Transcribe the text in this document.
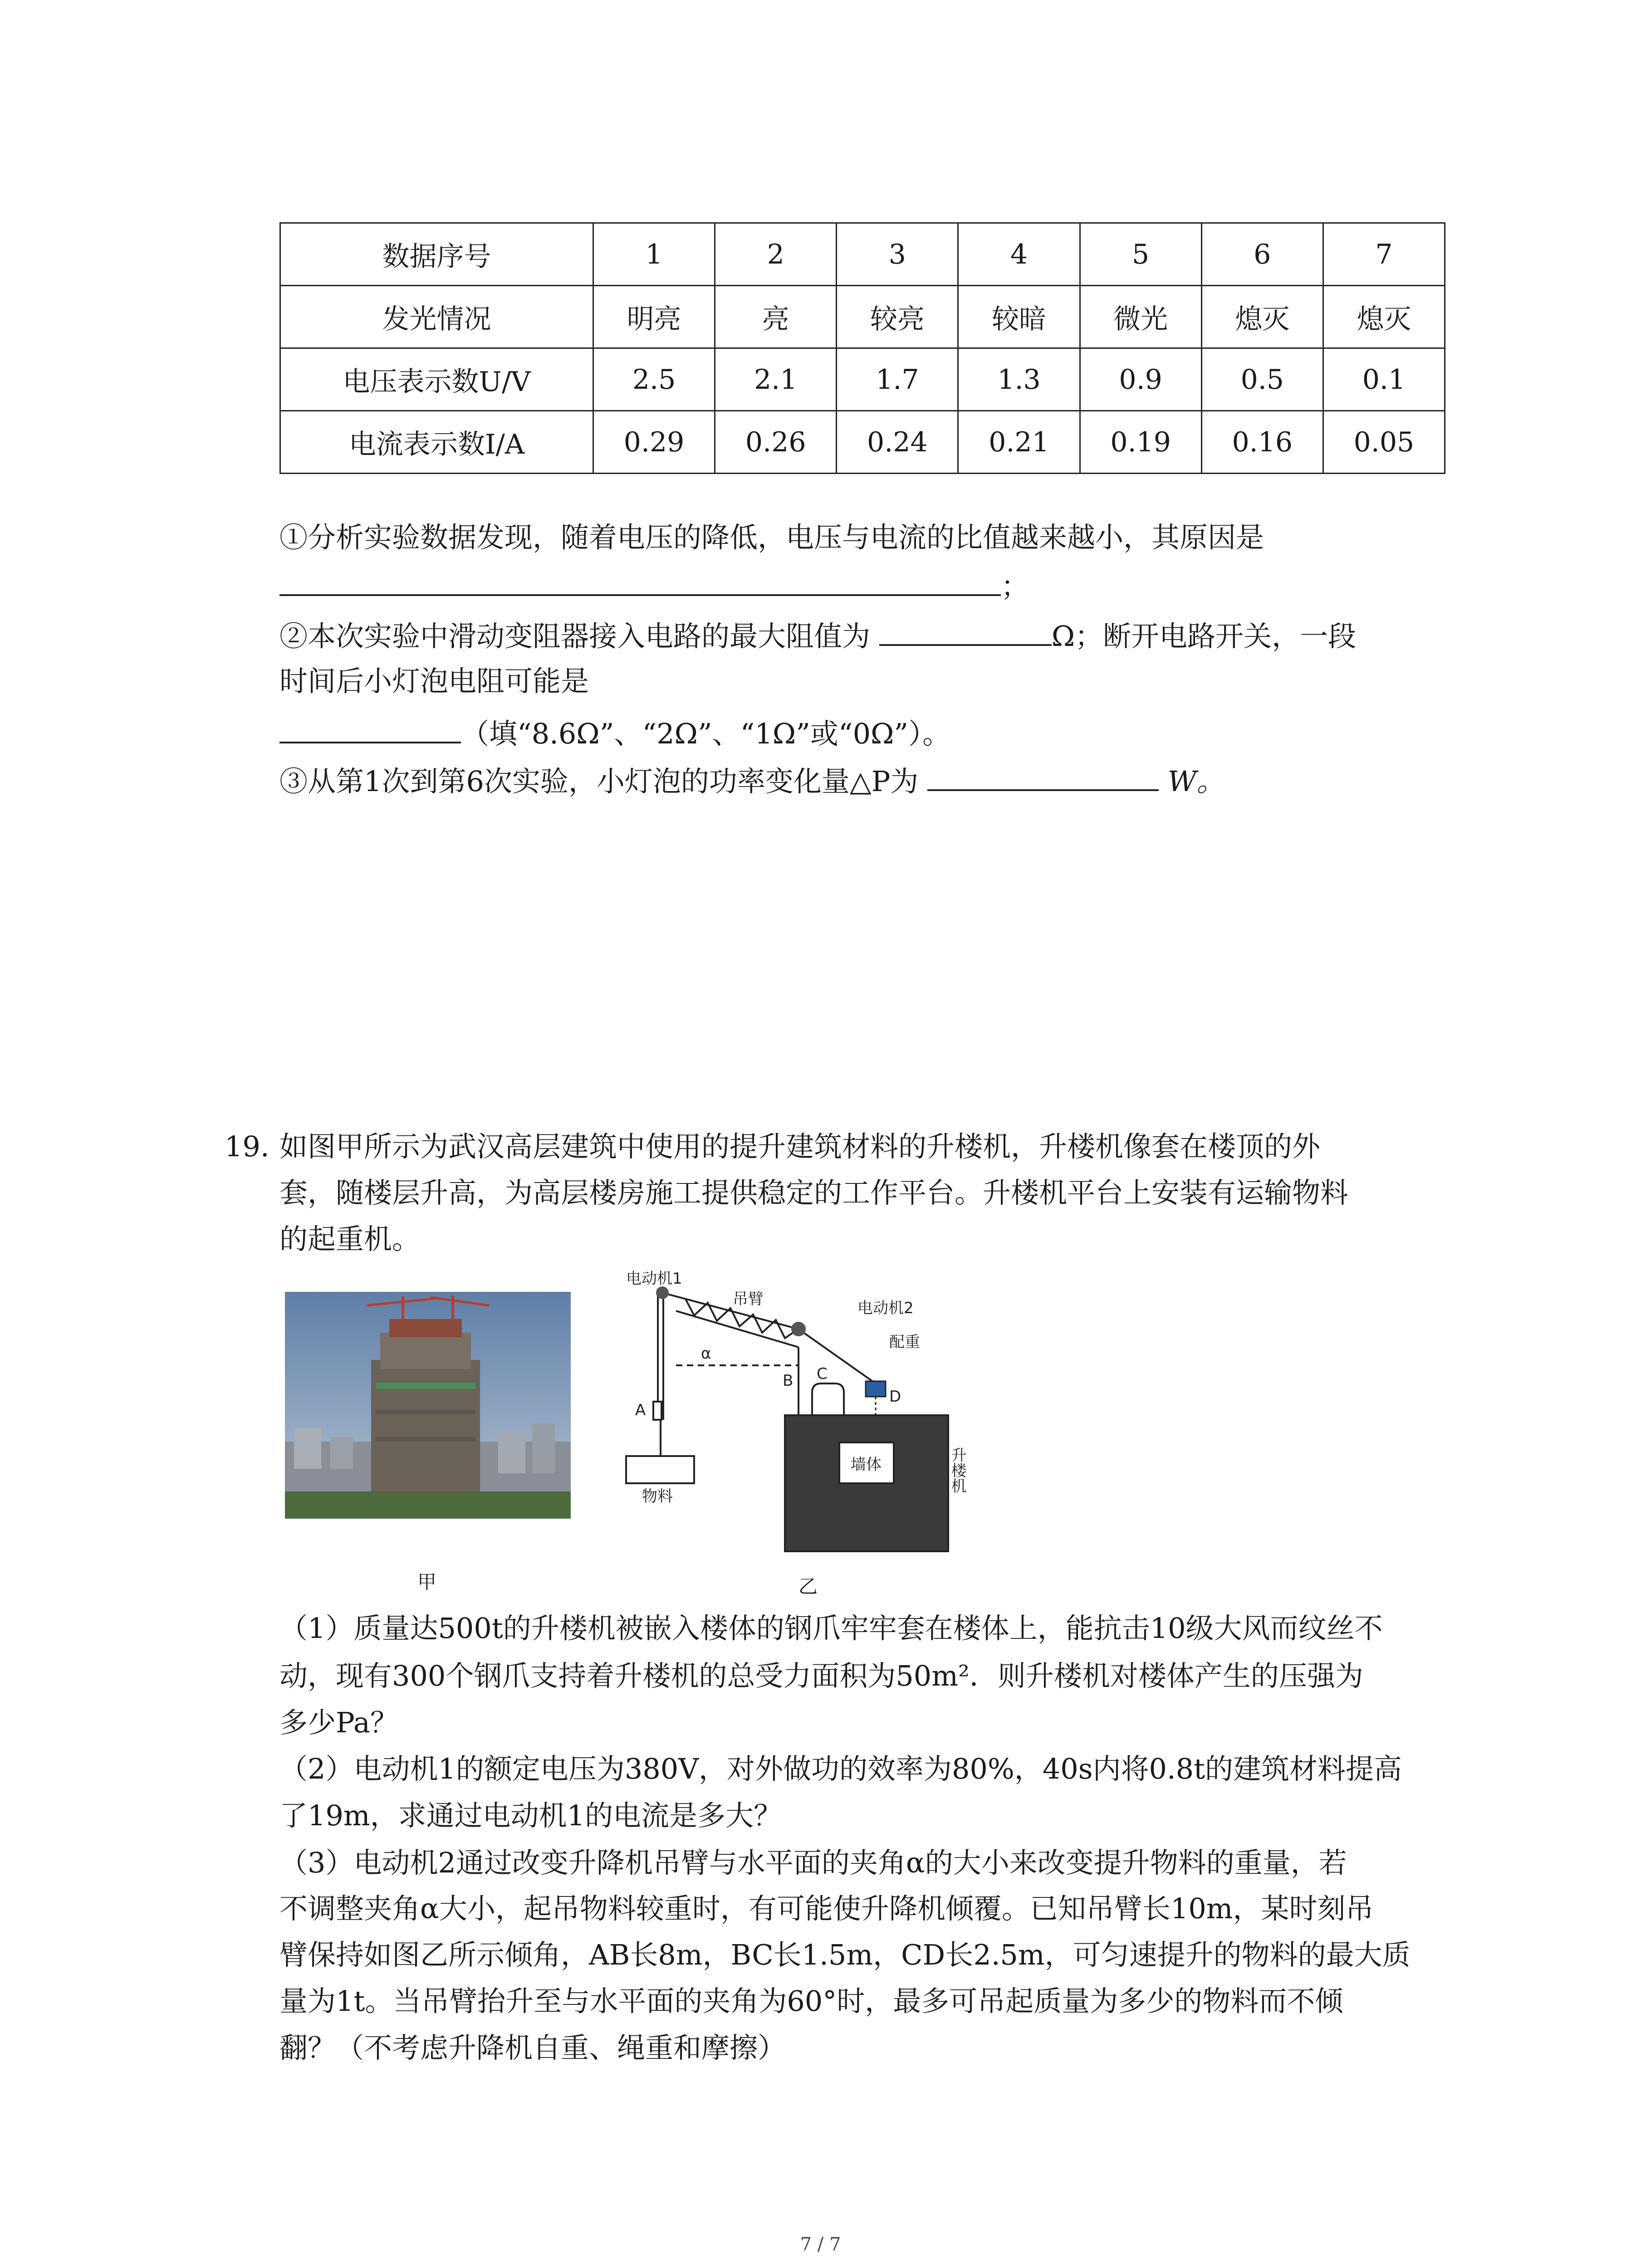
数据序号	1	2	3	4	5	6	7
发光情况	明亮	亮	较亮	较暗	微光	熄灭	熄灭
电压表示数U/V	2.5	2.1	1.7	1.3	0.9	0.5	0.1
电流表示数I/A	0.29	0.26	0.24	0.21	0.19	0.16	0.05
①分析实验数据发现，随着电压的降低，电压与电流的比值越来越小，其原因是
；
②本次实验中滑动变阻器接入电路的最大阻值为	Ω；断开电路开关，一段
时间后小灯泡电阻可能是
（填“8.6Ω”、“2Ω”、“1Ω”或“0Ω”）。
③从第1次到第6次实验，小灯泡的功率变化量△P为	W。
19. 如图甲所示为武汉高层建筑中使用的提升建筑材料的升楼机，升楼机像套在楼顶的外
套，随楼层升高，为高层楼房施工提供稳定的工作平台。升楼机平台上安装有运输物料
的起重机。
甲
电动机1
吊臂	电动机2
配重
α
A
B C
D
物料
墙体	升楼机
乙
（1）质量达500t的升楼机被嵌入楼体的钢爪牢牢套在楼体上，能抗击10级大风而纹丝不
动，现有300个钢爪支持着升楼机的总受力面积为50m²．则升楼机对楼体产生的压强为
多少Pa？
（2）电动机1的额定电压为380V，对外做功的效率为80%，40s内将0.8t的建筑材料提高
了19m，求通过电动机1的电流是多大？
（3）电动机2通过改变升降机吊臂与水平面的夹角α的大小来改变提升物料的重量，若
不调整夹角α大小，起吊物料较重时，有可能使升降机倾覆。已知吊臂长10m，某时刻吊
臂保持如图乙所示倾角，AB长8m，BC长1.5m，CD长2.5m，可匀速提升的物料的最大质
量为1t。当吊臂抬升至与水平面的夹角为60°时，最多可吊起质量为多少的物料而不倾
翻？（不考虑升降机自重、绳重和摩擦）
7 / 7
